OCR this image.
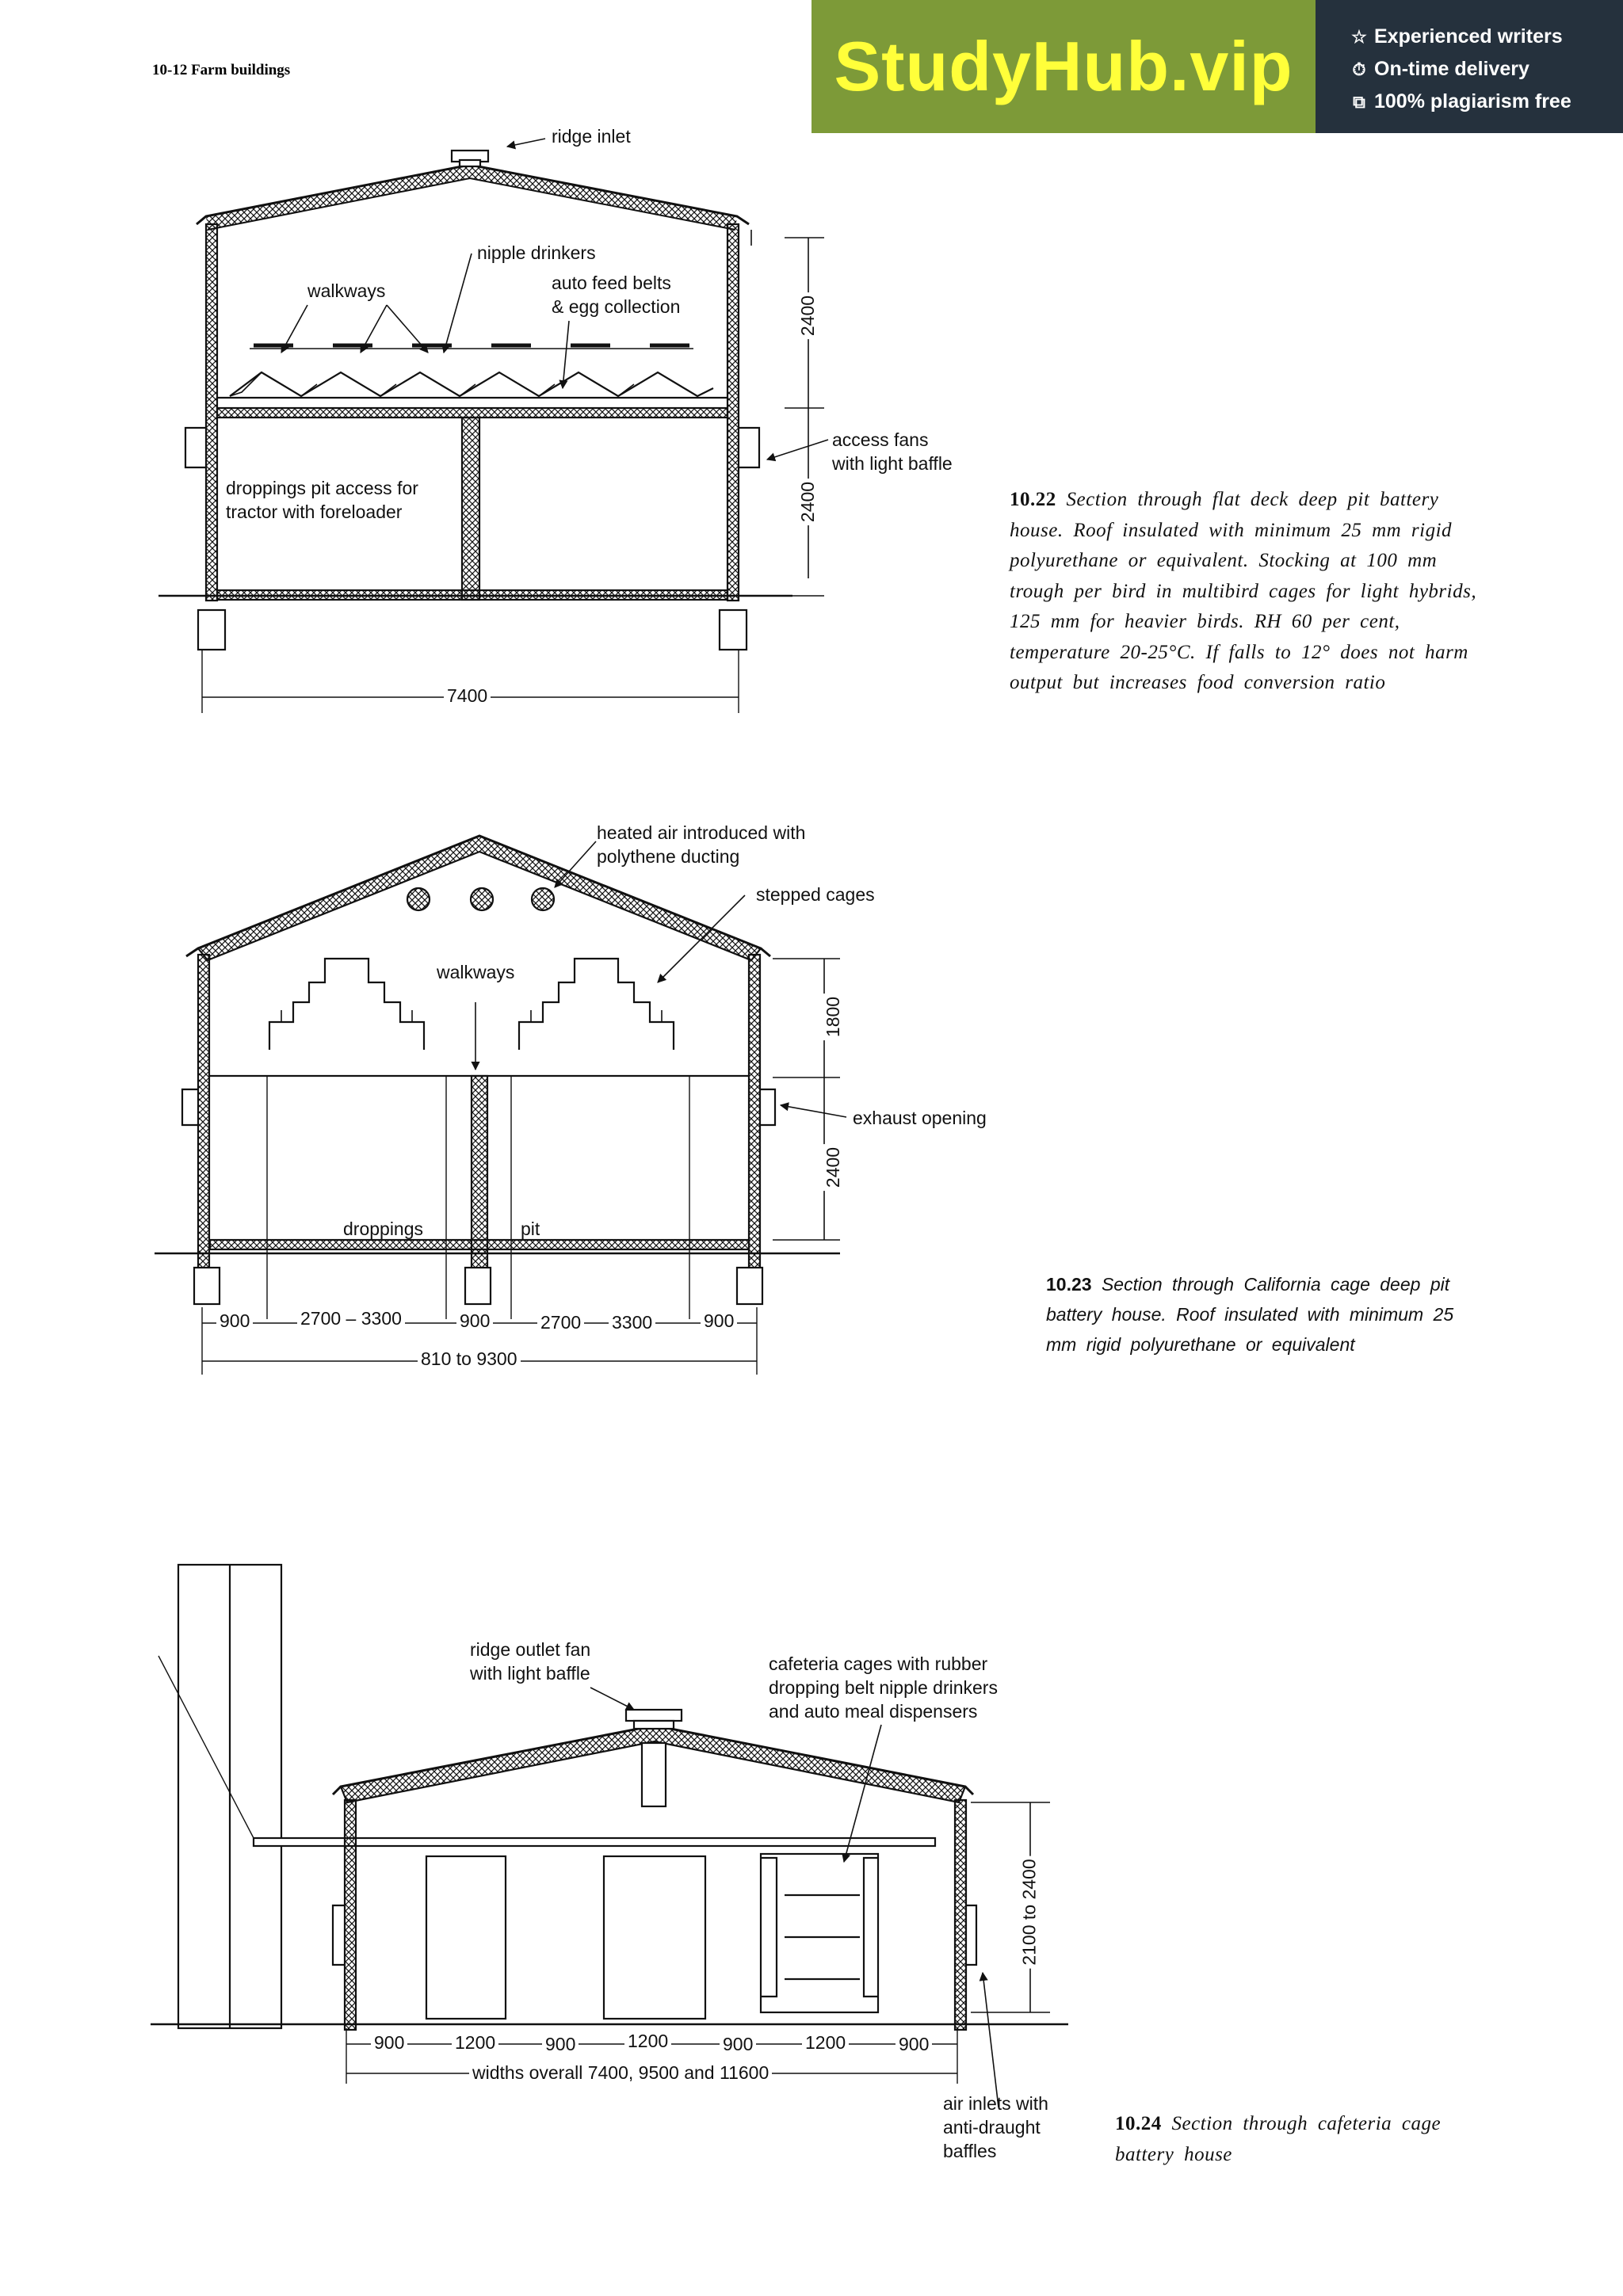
10-12 Farm buildings	StudyHub.vip	☆ Experienced writers
⏱ On-time delivery
⧉ 100% plagiarism free
ridge inlet
nipple drinkers
walkways	auto feed belts
& egg collection
access fans
with light baffle
droppings pit access for
tractor with foreloader
2400
2400
7400
10.22 Section through flat deck deep pit battery house. Roof insulated with minimum 25 mm rigid polyurethane or equivalent. Stocking at 100 mm trough per bird in multibird cages for light hybrids, 125 mm for heavier birds. RH 60 per cent, temperature 20-25°C. If falls to 12° does not harm output but increases food conversion ratio
heated air introduced with
polythene ducting
stepped cages
walkways
exhaust opening
droppings	pit
1800
2400
900	2700 – 3300	900	2700 3300	900
810 to 9300
10.23 Section through California cage deep pit battery house. Roof insulated with minimum 25 mm rigid polyurethane or equivalent
ridge outlet fan
with light baffle	cafeteria cages with rubber
dropping belt nipple drinkers
and auto meal dispensers
air inlets with
anti-draught
baffles
2100 to 2400
900	1200	900	1200	900	1200	900
widths overall 7400, 9500 and 11600
10.24 Section through cafeteria cage battery house
